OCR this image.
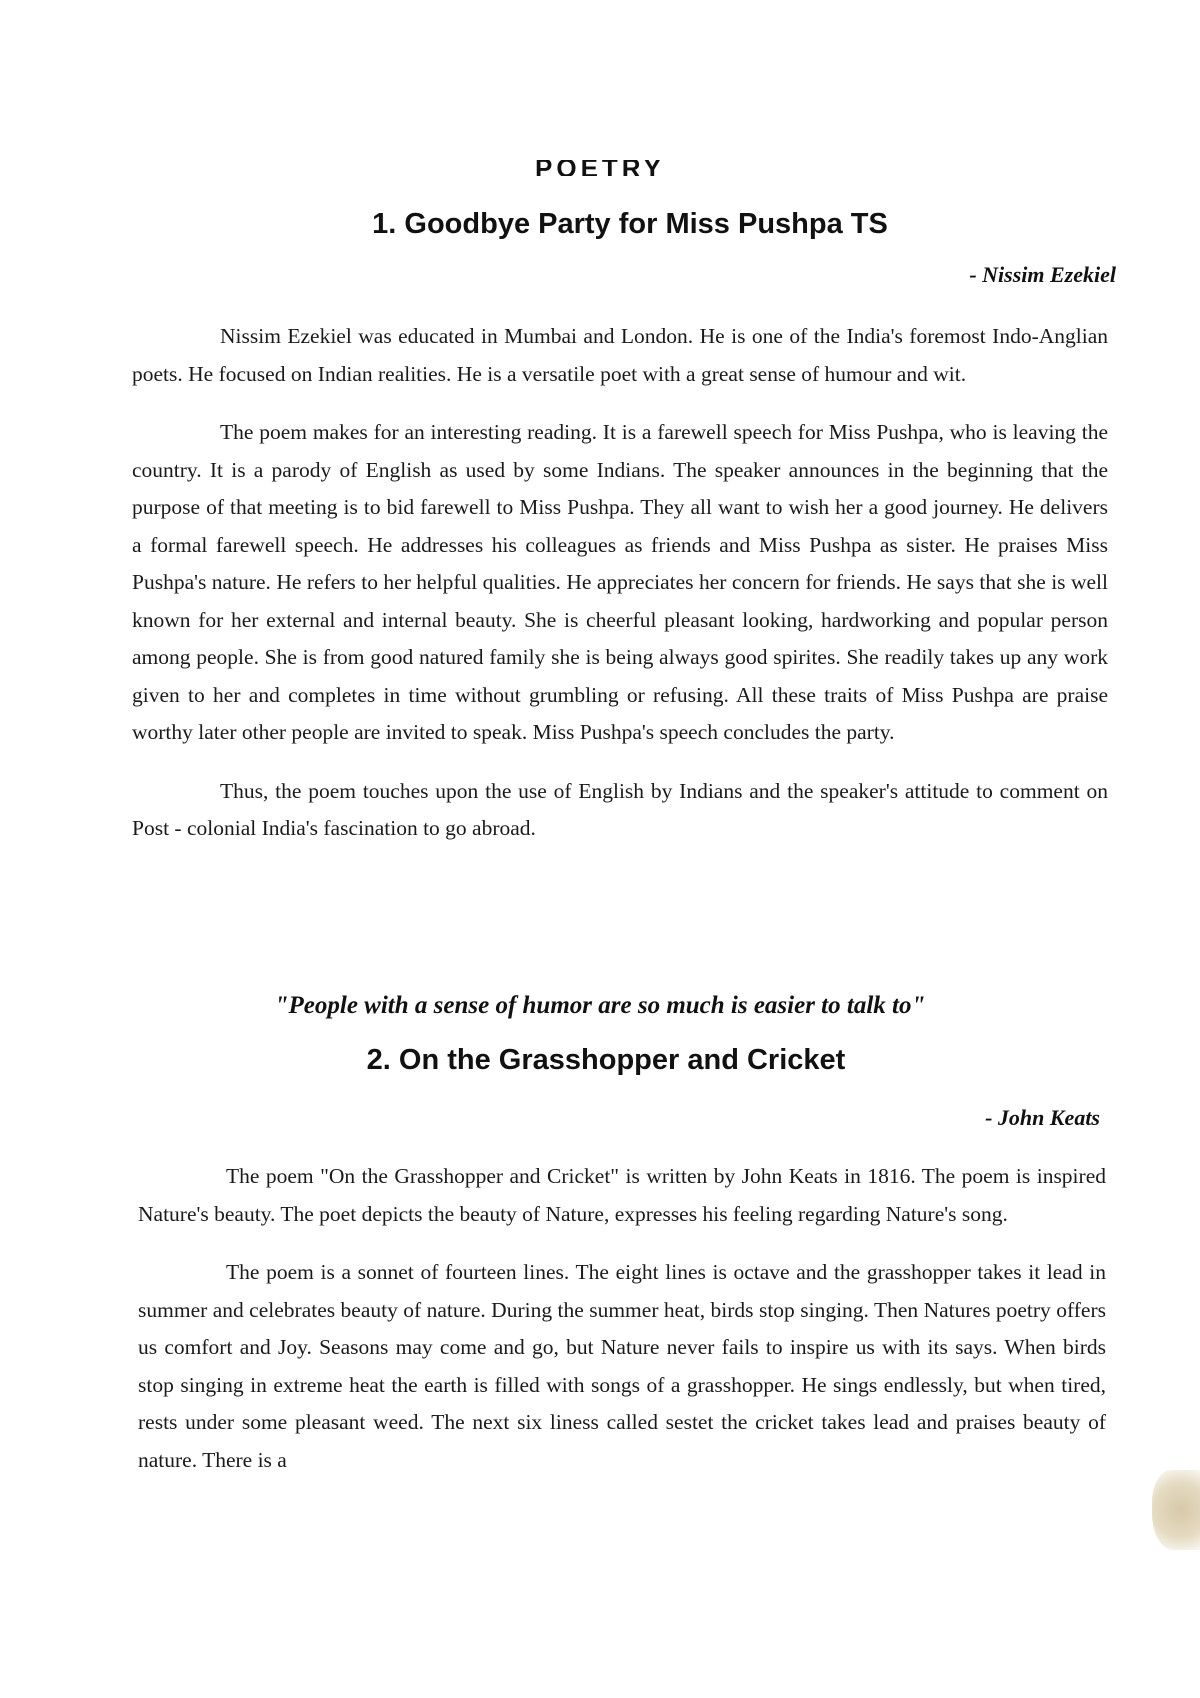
POETRY
1. Goodbye Party for Miss Pushpa TS
- Nissim Ezekiel

Nissim Ezekiel was educated in Mumbai and London. He is one of the India's foremost Indo-Anglian poets. He focused on Indian realities. He is a versatile poet with a great sense of humour and wit.

The poem makes for an interesting reading. It is a farewell speech for Miss Pushpa, who is leaving the country. It is a parody of English as used by some Indians. The speaker announces in the beginning that the purpose of that meeting is to bid farewell to Miss Pushpa. They all want to wish her a good journey. He delivers a formal farewell speech. He addresses his colleagues as friends and Miss Pushpa as sister. He praises Miss Pushpa's nature. He refers to her helpful qualities. He appreciates her concern for friends. He says that she is well known for her external and internal beauty. She is cheerful pleasant looking, hardworking and popular person among people. She is from good natured family she is being always good spirites. She readily takes up any work given to her and completes in time without grumbling or refusing. All these traits of Miss Pushpa are praise worthy later other people are invited to speak. Miss Pushpa's speech concludes the party.

Thus, the poem touches upon the use of English by Indians and the speaker's attitude to comment on Post - colonial India's fascination to go abroad.

"People with a sense of humor are so much is easier to talk to"
2. On the Grasshopper and Cricket
- John Keats

The poem "On the Grasshopper and Cricket" is written by John Keats in 1816. The poem is inspired Nature's beauty. The poet depicts the beauty of Nature, expresses his feeling regarding Nature's song.

The poem is a sonnet of fourteen lines. The eight lines is octave and the grasshopper takes it lead in summer and celebrates beauty of nature. During the summer heat, birds stop singing. Then Natures poetry offers us comfort and Joy. Seasons may come and go, but Nature never fails to inspire us with its says. When birds stop singing in extreme heat the earth is filled with songs of a grasshopper. He sings endlessly, but when tired, rests under some pleasant weed. The next six liness called sestet the cricket takes lead and praises beauty of nature. There is a
